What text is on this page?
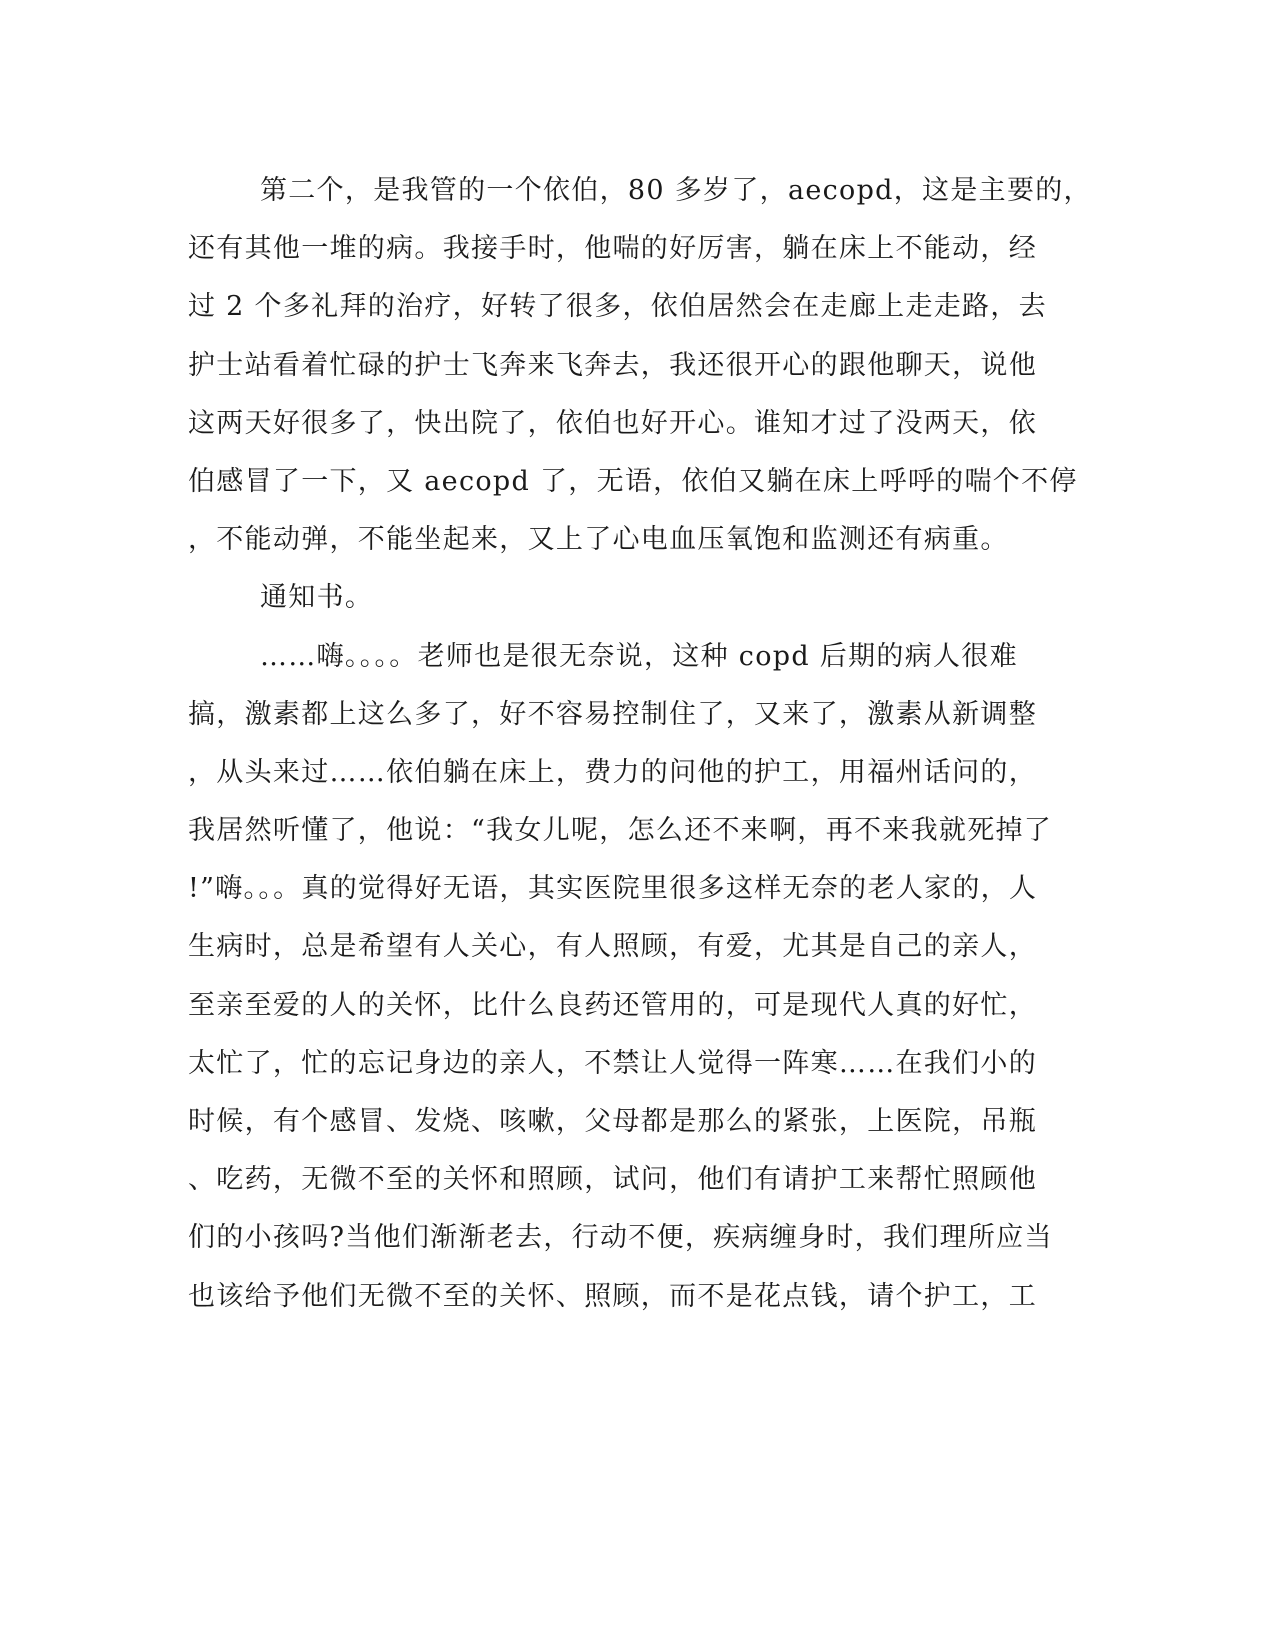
第二个，是我管的一个依伯，80 多岁了，aecopd，这是主要的，
还有其他一堆的病。我接手时，他喘的好厉害，躺在床上不能动，经
过 2 个多礼拜的治疗，好转了很多，依伯居然会在走廊上走走路，去
护士站看着忙碌的护士飞奔来飞奔去，我还很开心的跟他聊天，说他
这两天好很多了，快出院了，依伯也好开心。谁知才过了没两天，依
伯感冒了一下，又 aecopd 了，无语，依伯又躺在床上呼呼的喘个不停
，不能动弹，不能坐起来，又上了心电血压氧饱和监测还有病重。
通知书。
……嗨。。。。老师也是很无奈说，这种 copd 后期的病人很难
搞，激素都上这么多了，好不容易控制住了，又来了，激素从新调整
，从头来过……依伯躺在床上，费力的问他的护工，用福州话问的，
我居然听懂了，他说：“我女儿呢，怎么还不来啊，再不来我就死掉了
!”嗨。。。真的觉得好无语，其实医院里很多这样无奈的老人家的，人
生病时，总是希望有人关心，有人照顾，有爱，尤其是自己的亲人，
至亲至爱的人的关怀，比什么良药还管用的，可是现代人真的好忙，
太忙了，忙的忘记身边的亲人，不禁让人觉得一阵寒……在我们小的
时候，有个感冒、发烧、咳嗽，父母都是那么的紧张，上医院，吊瓶
、吃药，无微不至的关怀和照顾，试问，他们有请护工来帮忙照顾他
们的小孩吗?当他们渐渐老去，行动不便，疾病缠身时，我们理所应当
也该给予他们无微不至的关怀、照顾，而不是花点钱，请个护工，工
